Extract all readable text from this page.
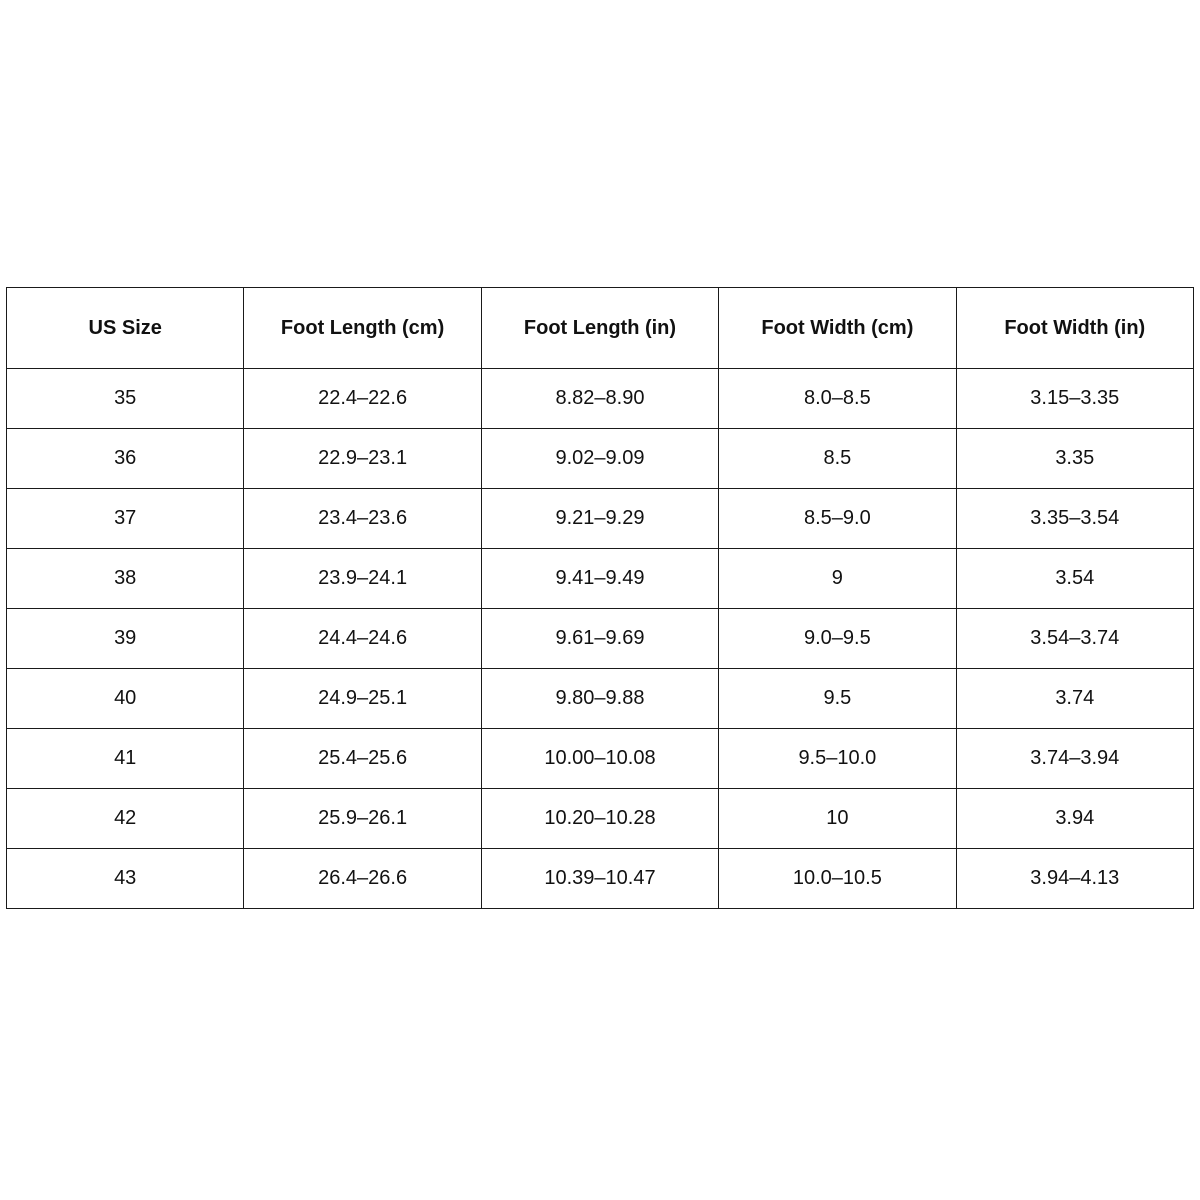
US Size	Foot Length (cm)	Foot Length (in)	Foot Width (cm)	Foot Width (in)
35	22.4–22.6	8.82–8.90	8.0–8.5	3.15–3.35
36	22.9–23.1	9.02–9.09	8.5	3.35
37	23.4–23.6	9.21–9.29	8.5–9.0	3.35–3.54
38	23.9–24.1	9.41–9.49	9	3.54
39	24.4–24.6	9.61–9.69	9.0–9.5	3.54–3.74
40	24.9–25.1	9.80–9.88	9.5	3.74
41	25.4–25.6	10.00–10.08	9.5–10.0	3.74–3.94
42	25.9–26.1	10.20–10.28	10	3.94
43	26.4–26.6	10.39–10.47	10.0–10.5	3.94–4.13
